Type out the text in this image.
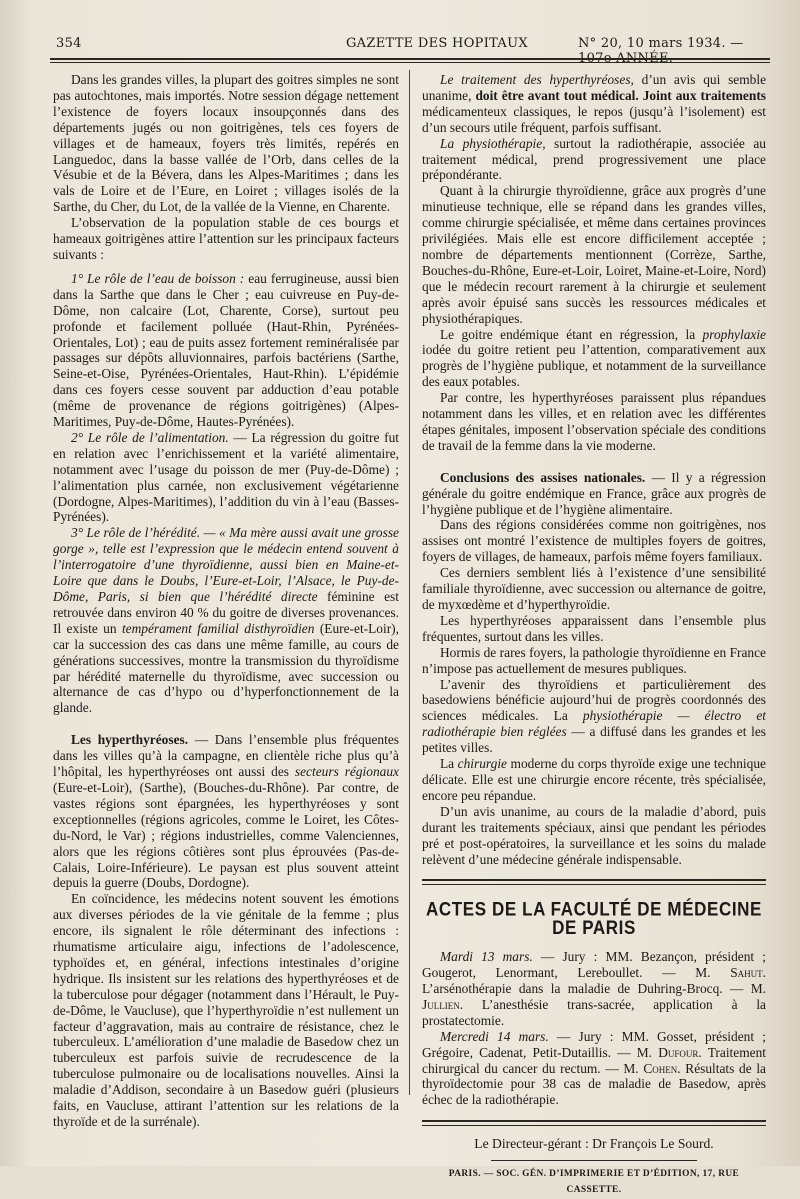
354	GAZETTE DES HOPITAUX	N° 20, 10 mars 1934. — 107e ANNÉE.

Dans les grandes villes, la plupart des goitres simples ne sont pas autochtones, mais importés. Notre session dégage nettement l’existence de foyers locaux insoupçonnés dans des départements jugés ou non goitrigènes, tels ces foyers de villages et de hameaux, foyers très limités, repérés en Languedoc, dans la basse vallée de l’Orb, dans celles de la Vésubie et de la Bévera, dans les Alpes-Maritimes ; dans les vals de Loire et de l’Eure, en Loiret ; villages isolés de la Sarthe, du Cher, du Lot, de la vallée de la Vienne, en Charente.

L’observation de la population stable de ces bourgs et hameaux goitrigènes attire l’attention sur les principaux facteurs suivants :

1° Le rôle de l’eau de boisson : eau ferrugineuse, aussi bien dans la Sarthe que dans le Cher ; eau cuivreuse en Puy-de-Dôme, non calcaire (Lot, Charente, Corse), surtout peu profonde et facilement polluée (Haut-Rhin, Pyrénées-Orientales, Lot) ; eau de puits assez fortement reminéralisée par passages sur dépôts alluvionnaires, parfois bactériens (Sarthe, Seine-et-Oise, Pyrénées-Orientales, Haut-Rhin). L’épidémie dans ces foyers cesse souvent par adduction d’eau potable (même de provenance de régions goitrigènes) (Alpes-Maritimes, Puy-de-Dôme, Hautes-Pyrénées).

2° Le rôle de l’alimentation. — La régression du goitre fut en relation avec l’enrichissement et la variété alimentaire, notamment avec l’usage du poisson de mer (Puy-de-Dôme) ; l’alimentation plus carnée, non exclusivement végétarienne (Dordogne, Alpes-Maritimes), l’addition du vin à l’eau (Basses-Pyrénées).

3° Le rôle de l’hérédité. — « Ma mère aussi avait une grosse gorge », telle est l’expression que le médecin entend souvent à l’interrogatoire d’une thyroïdienne, aussi bien en Maine-et-Loire que dans le Doubs, l’Eure-et-Loir, l’Alsace, le Puy-de-Dôme, Paris, si bien que l’hérédité directe féminine est retrouvée dans environ 40 % du goitre de diverses provenances. Il existe un tempérament familial disthyroïdien (Eure-et-Loir), car la succession des cas dans une même famille, au cours de générations successives, montre la transmission du thyroïdisme par hérédité maternelle du thyroïdisme, avec succession ou alternance de cas d’hypo ou d’hyperfonctionnement de la glande.

Les hyperthyréoses. — Dans l’ensemble plus fréquentes dans les villes qu’à la campagne, en clientèle riche plus qu’à l’hôpital, les hyperthyréoses ont aussi des secteurs régionaux (Eure-et-Loir), (Sarthe), (Bouches-du-Rhône). Par contre, de vastes régions sont épargnées, les hyperthyréoses y sont exceptionnelles (régions agricoles, comme le Loiret, les Côtes-du-Nord, le Var) ; régions industrielles, comme Valenciennes, alors que les régions côtières sont plus éprouvées (Pas-de-Calais, Loire-Inférieure). Le paysan est plus souvent atteint depuis la guerre (Doubs, Dordogne).

En coïncidence, les médecins notent souvent les émotions aux diverses périodes de la vie génitale de la femme ; plus encore, ils signalent le rôle déterminant des infections : rhumatisme articulaire aigu, infections de l’adolescence, typhoïdes et, en général, infections intestinales d’origine hydrique. Ils insistent sur les relations des hyperthyréoses et de la tuberculose pour dégager (notamment dans l’Hérault, le Puy-de-Dôme, le Vaucluse), que l’hyperthyroïdie n’est nullement un facteur d’aggravation, mais au contraire de résistance, chez le tuberculeux. L’amélioration d’une maladie de Basedow chez un tuberculeux est parfois suivie de recrudescence de la tuberculose pulmonaire ou de localisations nouvelles. Ainsi la maladie d’Addison, secondaire à un Basedow guéri (plusieurs faits, en Vaucluse, attirant l’attention sur les relations de la thyroïde et de la surrénale).

Le traitement des hyperthyréoses, d’un avis qui semble unanime, doit être avant tout médical. Joint aux traitements médicamenteux classiques, le repos (jusqu’à l’isolement) est d’un secours utile fréquent, parfois suffisant.

La physiothérapie, surtout la radiothérapie, associée au traitement médical, prend progressivement une place prépondérante.

Quant à la chirurgie thyroïdienne, grâce aux progrès d’une minutieuse technique, elle se répand dans les grandes villes, comme chirurgie spécialisée, et même dans certaines provinces privilégiées. Mais elle est encore difficilement acceptée ; nombre de départements mentionnent (Corrèze, Sarthe, Bouches-du-Rhône, Eure-et-Loir, Loiret, Maine-et-Loire, Nord) que le médecin recourt rarement à la chirurgie et seulement après avoir épuisé sans succès les ressources médicales et physiothérapiques.

Le goitre endémique étant en régression, la prophylaxie iodée du goitre retient peu l’attention, comparativement aux progrès de l’hygiène publique, et notamment de la surveillance des eaux potables.

Par contre, les hyperthyréoses paraissent plus répandues notamment dans les villes, et en relation avec les différentes étapes génitales, imposent l’observation spéciale des conditions de travail de la femme dans la vie moderne.

Conclusions des assises nationales. — Il y a régression générale du goitre endémique en France, grâce aux progrès de l’hygiène publique et de l’hygiène alimentaire.

Dans des régions considérées comme non goitrigènes, nos assises ont montré l’existence de multiples foyers de goitres, foyers de villages, de hameaux, parfois même foyers familiaux.

Ces derniers semblent liés à l’existence d’une sensibilité familiale thyroïdienne, avec succession ou alternance de goitre, de myxœdème et d’hyperthyroïdie.

Les hyperthyréoses apparaissent dans l’ensemble plus fréquentes, surtout dans les villes.

Hormis de rares foyers, la pathologie thyroïdienne en France n’impose pas actuellement de mesures publiques.

L’avenir des thyroïdiens et particulièrement des basedowiens bénéficie aujourd’hui de progrès coordonnés des sciences médicales. La physiothérapie — électro et radiothérapie bien réglées — a diffusé dans les grandes et les petites villes.

La chirurgie moderne du corps thyroïde exige une technique délicate. Elle est une chirurgie encore récente, très spécialisée, encore peu répandue.

D’un avis unanime, au cours de la maladie d’abord, puis durant les traitements spéciaux, ainsi que pendant les périodes pré et post-opératoires, la surveillance et les soins du malade relèvent d’une médecine générale indispensable.

ACTES DE LA FACULTÉ DE MÉDECINE DE PARIS

Mardi 13 mars. — Jury : MM. Bezançon, président ; Gougerot, Lenormant, Lereboullet. — M. Sahut. L’arsénothérapie dans la maladie de Duhring-Brocq. — M. Jullien. L’anesthésie trans-sacrée, application à la prostatectomie.

Mercredi 14 mars. — Jury : MM. Gosset, président ; Grégoire, Cadenat, Petit-Dutaillis. — M. Dufour. Traitement chirurgical du cancer du rectum. — M. Cohen. Résultats de la thyroïdectomie pour 38 cas de maladie de Basedow, après échec de la radiothérapie.

Le Directeur-gérant : Dr François Le Sourd.
PARIS. — SOC. GÉN. D’IMPRIMERIE ET D’ÉDITION, 17, RUE CASSETTE.
